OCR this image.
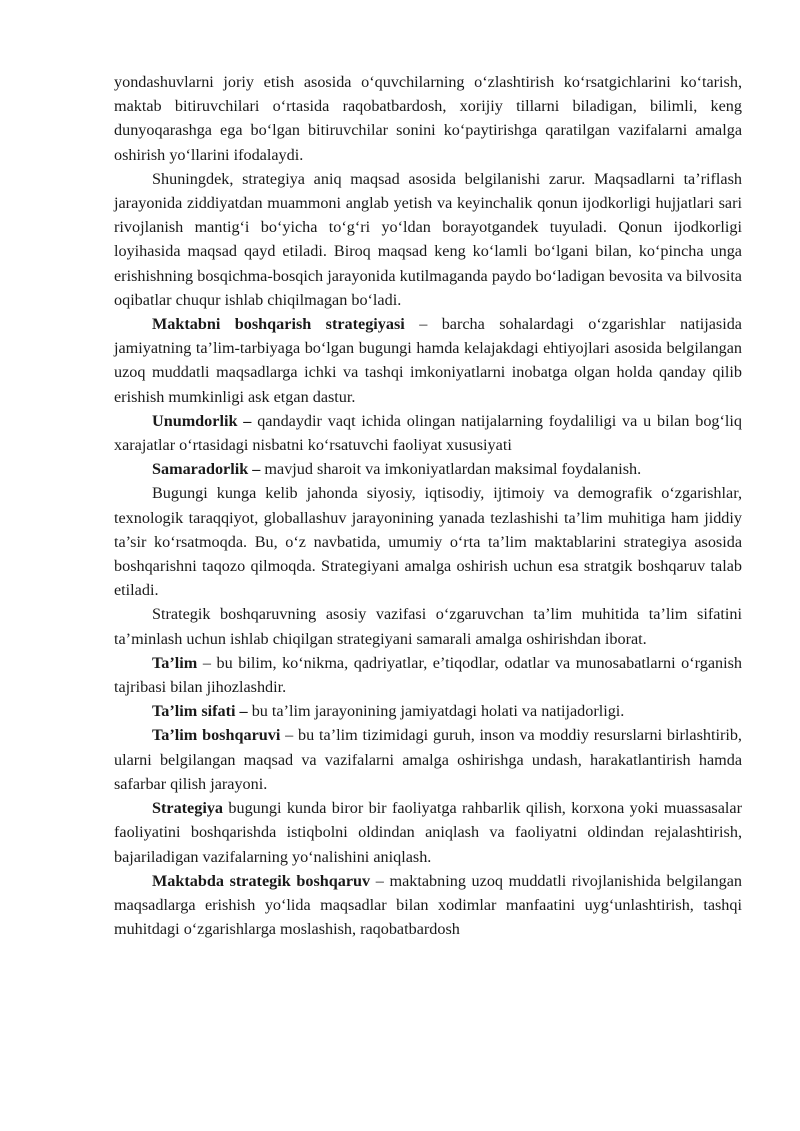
yondashuvlarni joriy etish asosida o‘quvchilarning o‘zlashtirish ko‘rsatgichlarini ko‘tarish, maktab bitiruvchilari o‘rtasida raqobatbardosh, xorijiy tillarni biladigan, bilimli, keng dunyoqarashga ega bo‘lgan bitiruvchilar sonini ko‘paytirishga qaratilgan vazifalarni amalga oshirish yo‘llarini ifodalaydi.

Shuningdek, strategiya aniq maqsad asosida belgilanishi zarur. Maqsadlarni ta’riflash jarayonida ziddiyatdan muammoni anglab yetish va keyinchalik qonun ijodkorligi hujjatlari sari rivojlanish mantig‘i bo‘yicha to‘g‘ri yo‘ldan borayotgandek tuyuladi. Qonun ijodkorligi loyihasida maqsad qayd etiladi. Biroq maqsad keng ko‘lamli bo‘lgani bilan, ko‘pincha unga erishishning bosqichma-bosqich jarayonida kutilmaganda paydo bo‘ladigan bevosita va bilvosita oqibatlar chuqur ishlab chiqilmagan bo‘ladi.

Maktabni boshqarish strategiyasi – barcha sohalardagi o‘zgarishlar natijasida jamiyatning ta’lim-tarbiyaga bo‘lgan bugungi hamda kelajakdagi ehtiyojlari asosida belgilangan uzoq muddatli maqsadlarga ichki va tashqi imkoniyatlarni inobatga olgan holda qanday qilib erishish mumkinligi ask etgan dastur.

Unumdorlik – qandaydir vaqt ichida olingan natijalarning foydaliligi va u bilan bog‘liq xarajatlar o‘rtasidagi nisbatni ko‘rsatuvchi faoliyat xususiyati

Samaradorlik – mavjud sharoit va imkoniyatlardan maksimal foydalanish.

Bugungi kunga kelib jahonda siyosiy, iqtisodiy, ijtimoiy va demografik o‘zgarishlar, texnologik taraqqiyot, globallashuv jarayonining yanada tezlashishi ta’lim muhitiga ham jiddiy ta’sir ko‘rsatmoqda. Bu, o‘z navbatida, umumiy o‘rta ta’lim maktablarini strategiya asosida boshqarishni taqozo qilmoqda. Strategiyani amalga oshirish uchun esa stratgik boshqaruv talab etiladi.

Strategik boshqaruvning asosiy vazifasi o‘zgaruvchan ta’lim muhitida ta’lim sifatini ta’minlash uchun ishlab chiqilgan strategiyani samarali amalga oshirishdan iborat.

Ta’lim – bu bilim, ko‘nikma, qadriyatlar, e’tiqodlar, odatlar va munosabatlarni o‘rganish tajribasi bilan jihozlashdir.

Ta’lim sifati – bu ta’lim jarayonining jamiyatdagi holati va natijadorligi.

Ta’lim boshqaruvi – bu ta’lim tizimidagi guruh, inson va moddiy resurslarni birlashtirib, ularni belgilangan maqsad va vazifalarni amalga oshirishga undash, harakatlantirish hamda safarbar qilish jarayoni.

Strategiya bugungi kunda biror bir faoliyatga rahbarlik qilish, korxona yoki muassasalar faoliyatini boshqarishda istiqbolni oldindan aniqlash va faoliyatni oldindan rejalashtirish, bajariladigan vazifalarning yo‘nalishini aniqlash.

Maktabda strategik boshqaruv – maktabning uzoq muddatli rivojlanishida belgilangan maqsadlarga erishish yo‘lida maqsadlar bilan xodimlar manfaatini uyg‘unlashtirish, tashqi muhitdagi o‘zgarishlarga moslashish, raqobatbardosh
